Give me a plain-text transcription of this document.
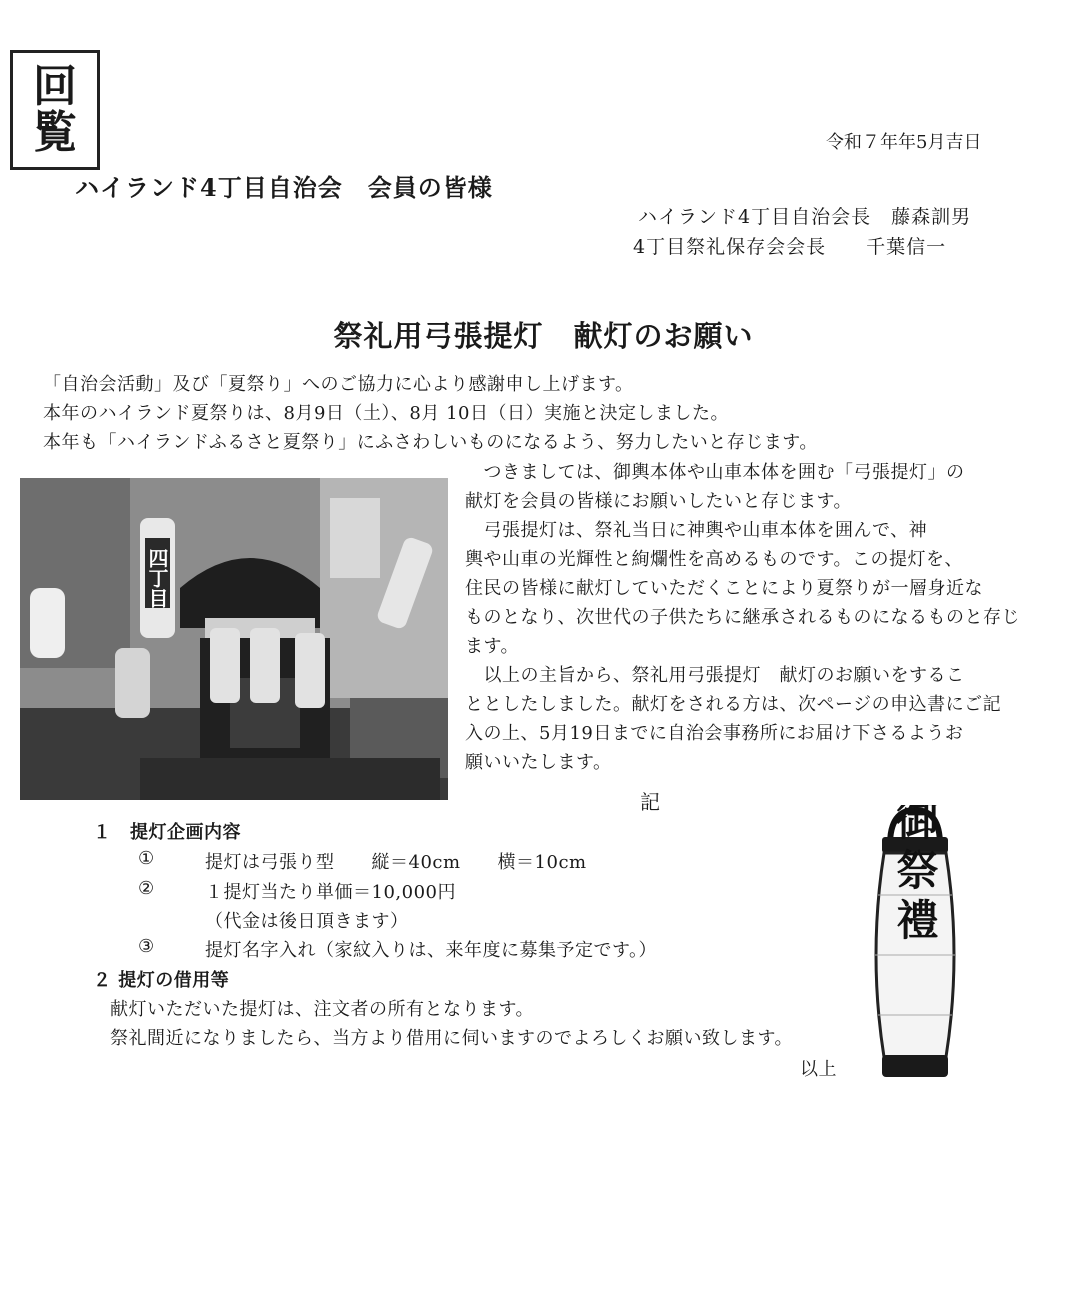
回
覧	令和７年年5月吉日
ハイランド4丁目自治会　会員の皆様
ハイランド4丁目自治会長　藤森訓男
4丁目祭礼保存会会長　　千葉信一
祭礼用弓張提灯　献灯のお願い
「自治会活動」及び「夏祭り」へのご協力に心より感謝申し上げます。
本年のハイランド夏祭りは、8月9日（土）、8月 10日（日）実施と決定しました。
本年も「ハイランドふるさと夏祭り」にふさわしいものになるよう、努力したいと存じます。
四丁目
　つきましては、御輿本体や山車本体を囲む「弓張提灯」の
献灯を会員の皆様にお願いしたいと存じます。
　弓張提灯は、祭礼当日に神輿や山車本体を囲んで、神
輿や山車の光輝性と絢爛性を高めるものです。この提灯を、
住民の皆様に献灯していただくことにより夏祭りが一層身近な
ものとなり、次世代の子供たちに継承されるものになるものと存じ
ます。
　以上の主旨から、祭礼用弓張提灯　献灯のお願いをするこ
ととしたしました。献灯をされる方は、次ページの申込書にご記
入の上、5月19日までに自治会事務所にお届け下さるようお
願いいたします。
記
１　提灯企画内容
①	提灯は弓張り型　　縦＝40cm　　横＝10cm
②	１提灯当たり単価＝10,000円
（代金は後日頂きます）
③	提灯名字入れ（家紋入りは、来年度に募集予定です。）
２ 提灯の借用等
献灯いただいた提灯は、注文者の所有となります。
祭礼間近になりましたら、当方より借用に伺いますのでよろしくお願い致します。
以上
御祭禮
